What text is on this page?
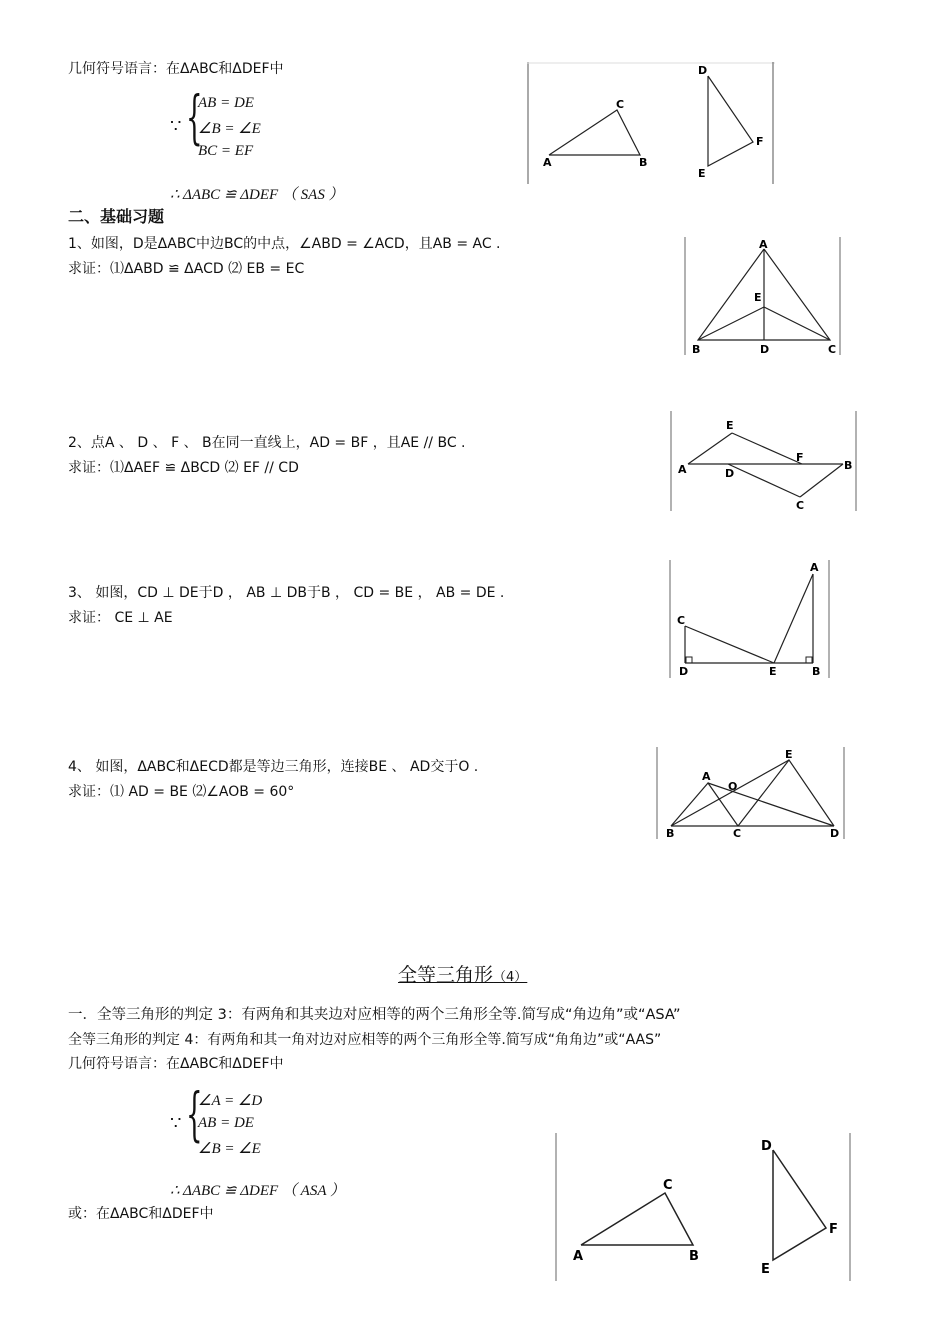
几何符号语言：在ΔABC和ΔDEF中
∵ {
AB = DE
∠B = ∠E
BC = EF
∴ ΔABC ≌ ΔDEF （ SAS ）
A	B
C
D
E
F
二、基础习题
1、如图，D是ΔABC中边BC的中点，∠ABD = ∠ACD，且AB = AC .
求证：⑴ΔABD ≌ ΔACD ⑵ EB = EC
A
B	C
D
E
2、点A 、 D 、 F 、 B在同一直线上，AD = BF ，且AE // BC .
求证：⑴ΔAEF ≌ ΔBCD ⑵ EF // CD	A	B
C
D
E
F
3、 如图，CD ⊥ DE于D ， AB ⊥ DB于B ， CD = BE ， AB = DE .
求证： CE ⊥ AE
A
B
C
D	E
4、 如图，ΔABC和ΔECD都是等边三角形，连接BE 、 AD交于O .
求证：⑴ AD = BE ⑵∠AOB = 60°
A
B	C	D
E
O
全等三角形（4）
一．全等三角形的判定 3：有两角和其夹边对应相等的两个三角形全等.简写成“角边角”或“ASA”
全等三角形的判定 4：有两角和其一角对边对应相等的两个三角形全等.简写成“角角边”或“AAS”
几何符号语言：在ΔABC和ΔDEF中
∵ {
∠A = ∠D
AB = DE
∠B = ∠E
∴ ΔABC ≌ ΔDEF （ ASA ）
或：在ΔABC和ΔDEF中
A	B
C
D
E
F
